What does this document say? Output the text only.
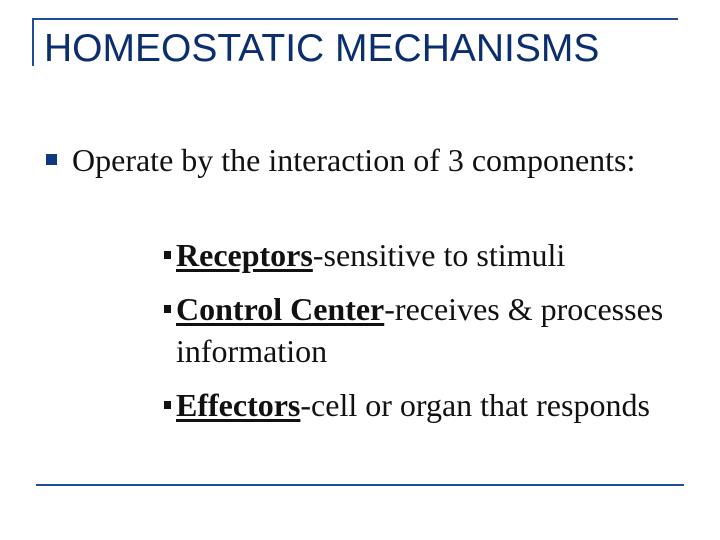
HOMEOSTATIC MECHANISMS
Operate by the interaction of 3 components:
Receptors-sensitive to stimuli
Control Center-receives & processes information
Effectors-cell or organ that responds
